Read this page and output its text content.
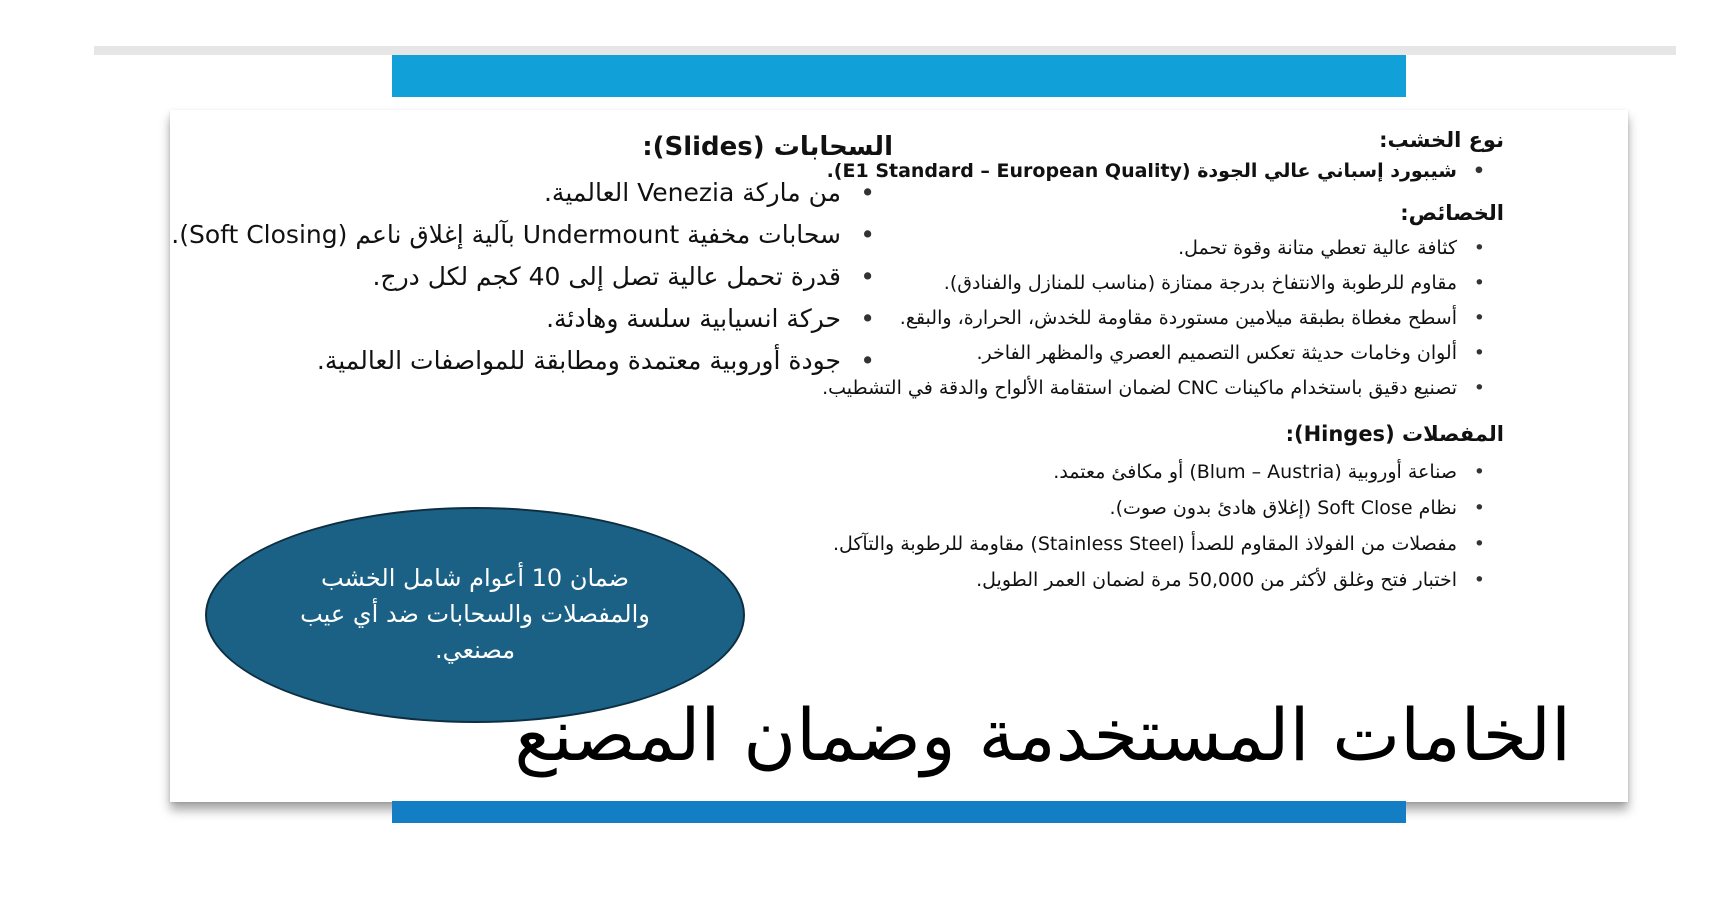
نوع الخشب:

• شيبورد إسباني عالي الجودة (E1 Standard – European Quality).

الخصائص:

• كثافة عالية تعطي متانة وقوة تحمل.
• مقاوم للرطوبة والانتفاخ بدرجة ممتازة (مناسب للمنازل والفنادق).
• أسطح مغطاة بطبقة ميلامين مستوردة مقاومة للخدش، الحرارة، والبقع.
• ألوان وخامات حديثة تعكس التصميم العصري والمظهر الفاخر.
• تصنيع دقيق باستخدام ماكينات CNC لضمان استقامة الألواح والدقة في التشطيب.

المفصلات (Hinges):

• صناعة أوروبية (Blum – Austria) أو مكافئ معتمد.
• نظام Soft Close (إغلاق هادئ بدون صوت).
• مفصلات من الفولاذ المقاوم للصدأ (Stainless Steel) مقاومة للرطوبة والتآكل.
• اختبار فتح وغلق لأكثر من 50,000 مرة لضمان العمر الطويل.

السحابات (Slides):

• من ماركة Venezia العالمية.
• سحابات مخفية Undermount بآلية إغلاق ناعم (Soft Closing).
• قدرة تحمل عالية تصل إلى 40 كجم لكل درج.
• حركة انسيابية سلسة وهادئة.
• جودة أوروبية معتمدة ومطابقة للمواصفات العالمية.
ضمان 10 أعوام شامل الخشب والمفصلات والسحابات ضد أي عيب مصنعي.
الخامات المستخدمة وضمان المصنع
